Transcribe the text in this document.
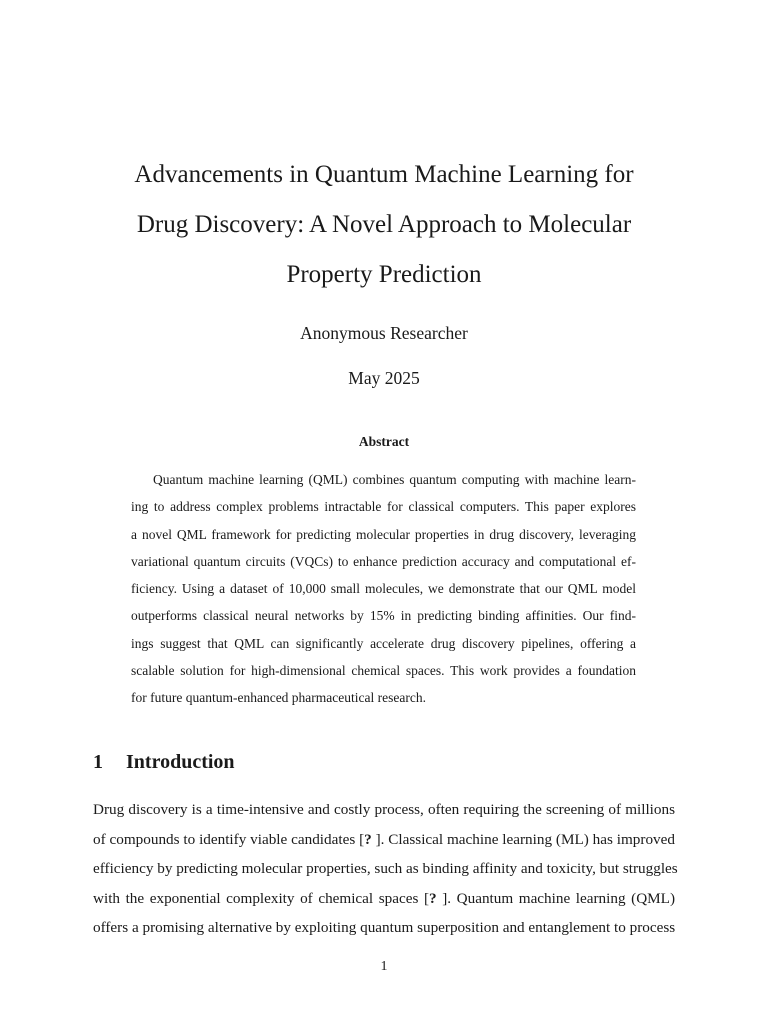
Advancements in Quantum Machine Learning for
Drug Discovery: A Novel Approach to Molecular
Property Prediction
Anonymous Researcher
May 2025
Abstract
Quantum machine learning (QML) combines quantum computing with machine learn-
ing to address complex problems intractable for classical computers. This paper explores
a novel QML framework for predicting molecular properties in drug discovery, leveraging
variational quantum circuits (VQCs) to enhance prediction accuracy and computational ef-
ficiency. Using a dataset of 10,000 small molecules, we demonstrate that our QML model
outperforms classical neural networks by 15% in predicting binding affinities. Our find-
ings suggest that QML can significantly accelerate drug discovery pipelines, offering a
scalable solution for high-dimensional chemical spaces. This work provides a foundation
for future quantum-enhanced pharmaceutical research.
1 Introduction
Drug discovery is a time-intensive and costly process, often requiring the screening of millions
of compounds to identify viable candidates [? ]. Classical machine learning (ML) has improved
efficiency by predicting molecular properties, such as binding affinity and toxicity, but struggles
with the exponential complexity of chemical spaces [? ]. Quantum machine learning (QML)
offers a promising alternative by exploiting quantum superposition and entanglement to process
1
